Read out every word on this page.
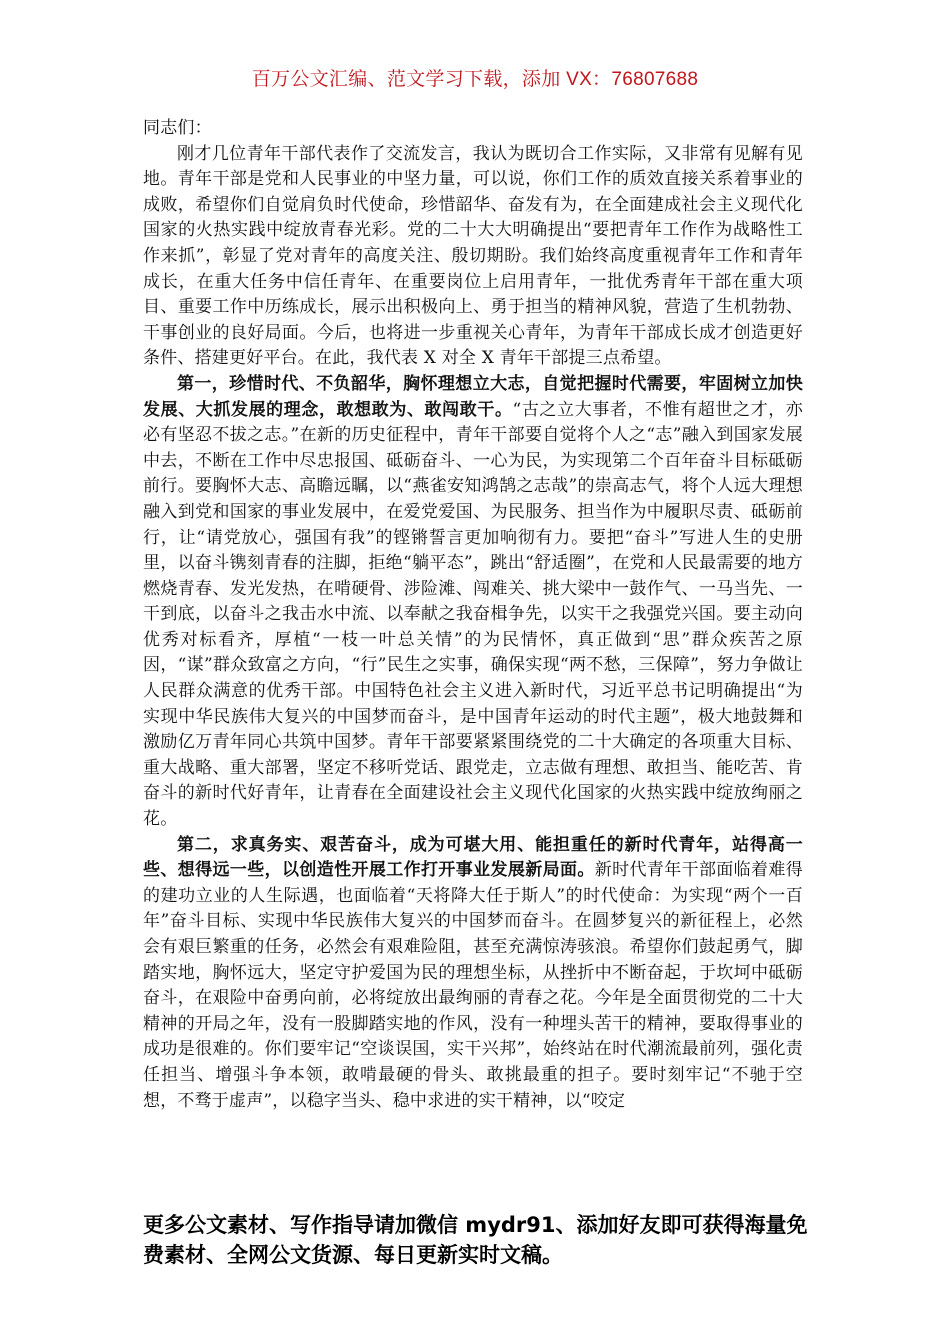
百万公文汇编、范文学习下载，添加 VX：76807688

同志们：

刚才几位青年干部代表作了交流发言，我认为既切合工作实际，又非常有见解有见地。青年干部是党和人民事业的中坚力量，可以说，你们工作的质效直接关系着事业的成败，希望你们自觉肩负时代使命，珍惜韶华、奋发有为，在全面建成社会主义现代化国家的火热实践中绽放青春光彩。党的二十大大明确提出“要把青年工作作为战略性工作来抓”，彰显了党对青年的高度关注、殷切期盼。我们始终高度重视青年工作和青年成长，在重大任务中信任青年、在重要岗位上启用青年，一批优秀青年干部在重大项目、重要工作中历练成长，展示出积极向上、勇于担当的精神风貌，营造了生机勃勃、干事创业的良好局面。今后，也将进一步重视关心青年，为青年干部成长成才创造更好条件、搭建更好平台。在此，我代表 X 对全 X 青年干部提三点希望。

第一，珍惜时代、不负韶华，胸怀理想立大志，自觉把握时代需要，牢固树立加快发展、大抓发展的理念，敢想敢为、敢闯敢干。“古之立大事者，不惟有超世之才，亦必有坚忍不拔之志。”在新的历史征程中，青年干部要自觉将个人之“志”融入到国家发展中去，不断在工作中尽忠报国、砥砺奋斗、一心为民，为实现第二个百年奋斗目标砥砺前行。要胸怀大志、高瞻远瞩，以“燕雀安知鸿鹄之志哉”的崇高志气，将个人远大理想融入到党和国家的事业发展中，在爱党爱国、为民服务、担当作为中履职尽责、砥砺前行，让“请党放心，强国有我”的铿锵誓言更加响彻有力。要把“奋斗”写进人生的史册里，以奋斗镌刻青春的注脚，拒绝“躺平态”，跳出“舒适圈”，在党和人民最需要的地方燃烧青春、发光发热，在啃硬骨、涉险滩、闯难关、挑大梁中一鼓作气、一马当先、一干到底，以奋斗之我击水中流、以奉献之我奋楫争先，以实干之我强党兴国。要主动向优秀对标看齐，厚植“一枝一叶总关情”的为民情怀，真正做到“思”群众疾苦之原因，“谋”群众致富之方向，“行”民生之实事，确保实现“两不愁，三保障”，努力争做让人民群众满意的优秀干部。中国特色社会主义进入新时代，习近平总书记明确提出“为实现中华民族伟大复兴的中国梦而奋斗，是中国青年运动的时代主题”，极大地鼓舞和激励亿万青年同心共筑中国梦。青年干部要紧紧围绕党的二十大确定的各项重大目标、重大战略、重大部署，坚定不移听党话、跟党走，立志做有理想、敢担当、能吃苦、肯奋斗的新时代好青年，让青春在全面建设社会主义现代化国家的火热实践中绽放绚丽之花。

第二，求真务实、艰苦奋斗，成为可堪大用、能担重任的新时代青年，站得高一些、想得远一些，以创造性开展工作打开事业发展新局面。新时代青年干部面临着难得的建功立业的人生际遇，也面临着“天将降大任于斯人”的时代使命：为实现“两个一百年”奋斗目标、实现中华民族伟大复兴的中国梦而奋斗。在圆梦复兴的新征程上，必然会有艰巨繁重的任务，必然会有艰难险阻，甚至充满惊涛骇浪。希望你们鼓起勇气，脚踏实地，胸怀远大，坚定守护爱国为民的理想坐标，从挫折中不断奋起，于坎坷中砥砺奋斗，在艰险中奋勇向前，必将绽放出最绚丽的青春之花。今年是全面贯彻党的二十大精神的开局之年，没有一股脚踏实地的作风，没有一种埋头苦干的精神，要取得事业的成功是很难的。你们要牢记“空谈误国，实干兴邦”，始终站在时代潮流最前列，强化责任担当、增强斗争本领，敢啃最硬的骨头、敢挑最重的担子。要时刻牢记“不驰于空想，不骛于虚声”，以稳字当头、稳中求进的实干精神，以“咬定

更多公文素材、写作指导请加微信 mydr91、添加好友即可获得海量免费素材、全网公文货源、每日更新实时文稿。
